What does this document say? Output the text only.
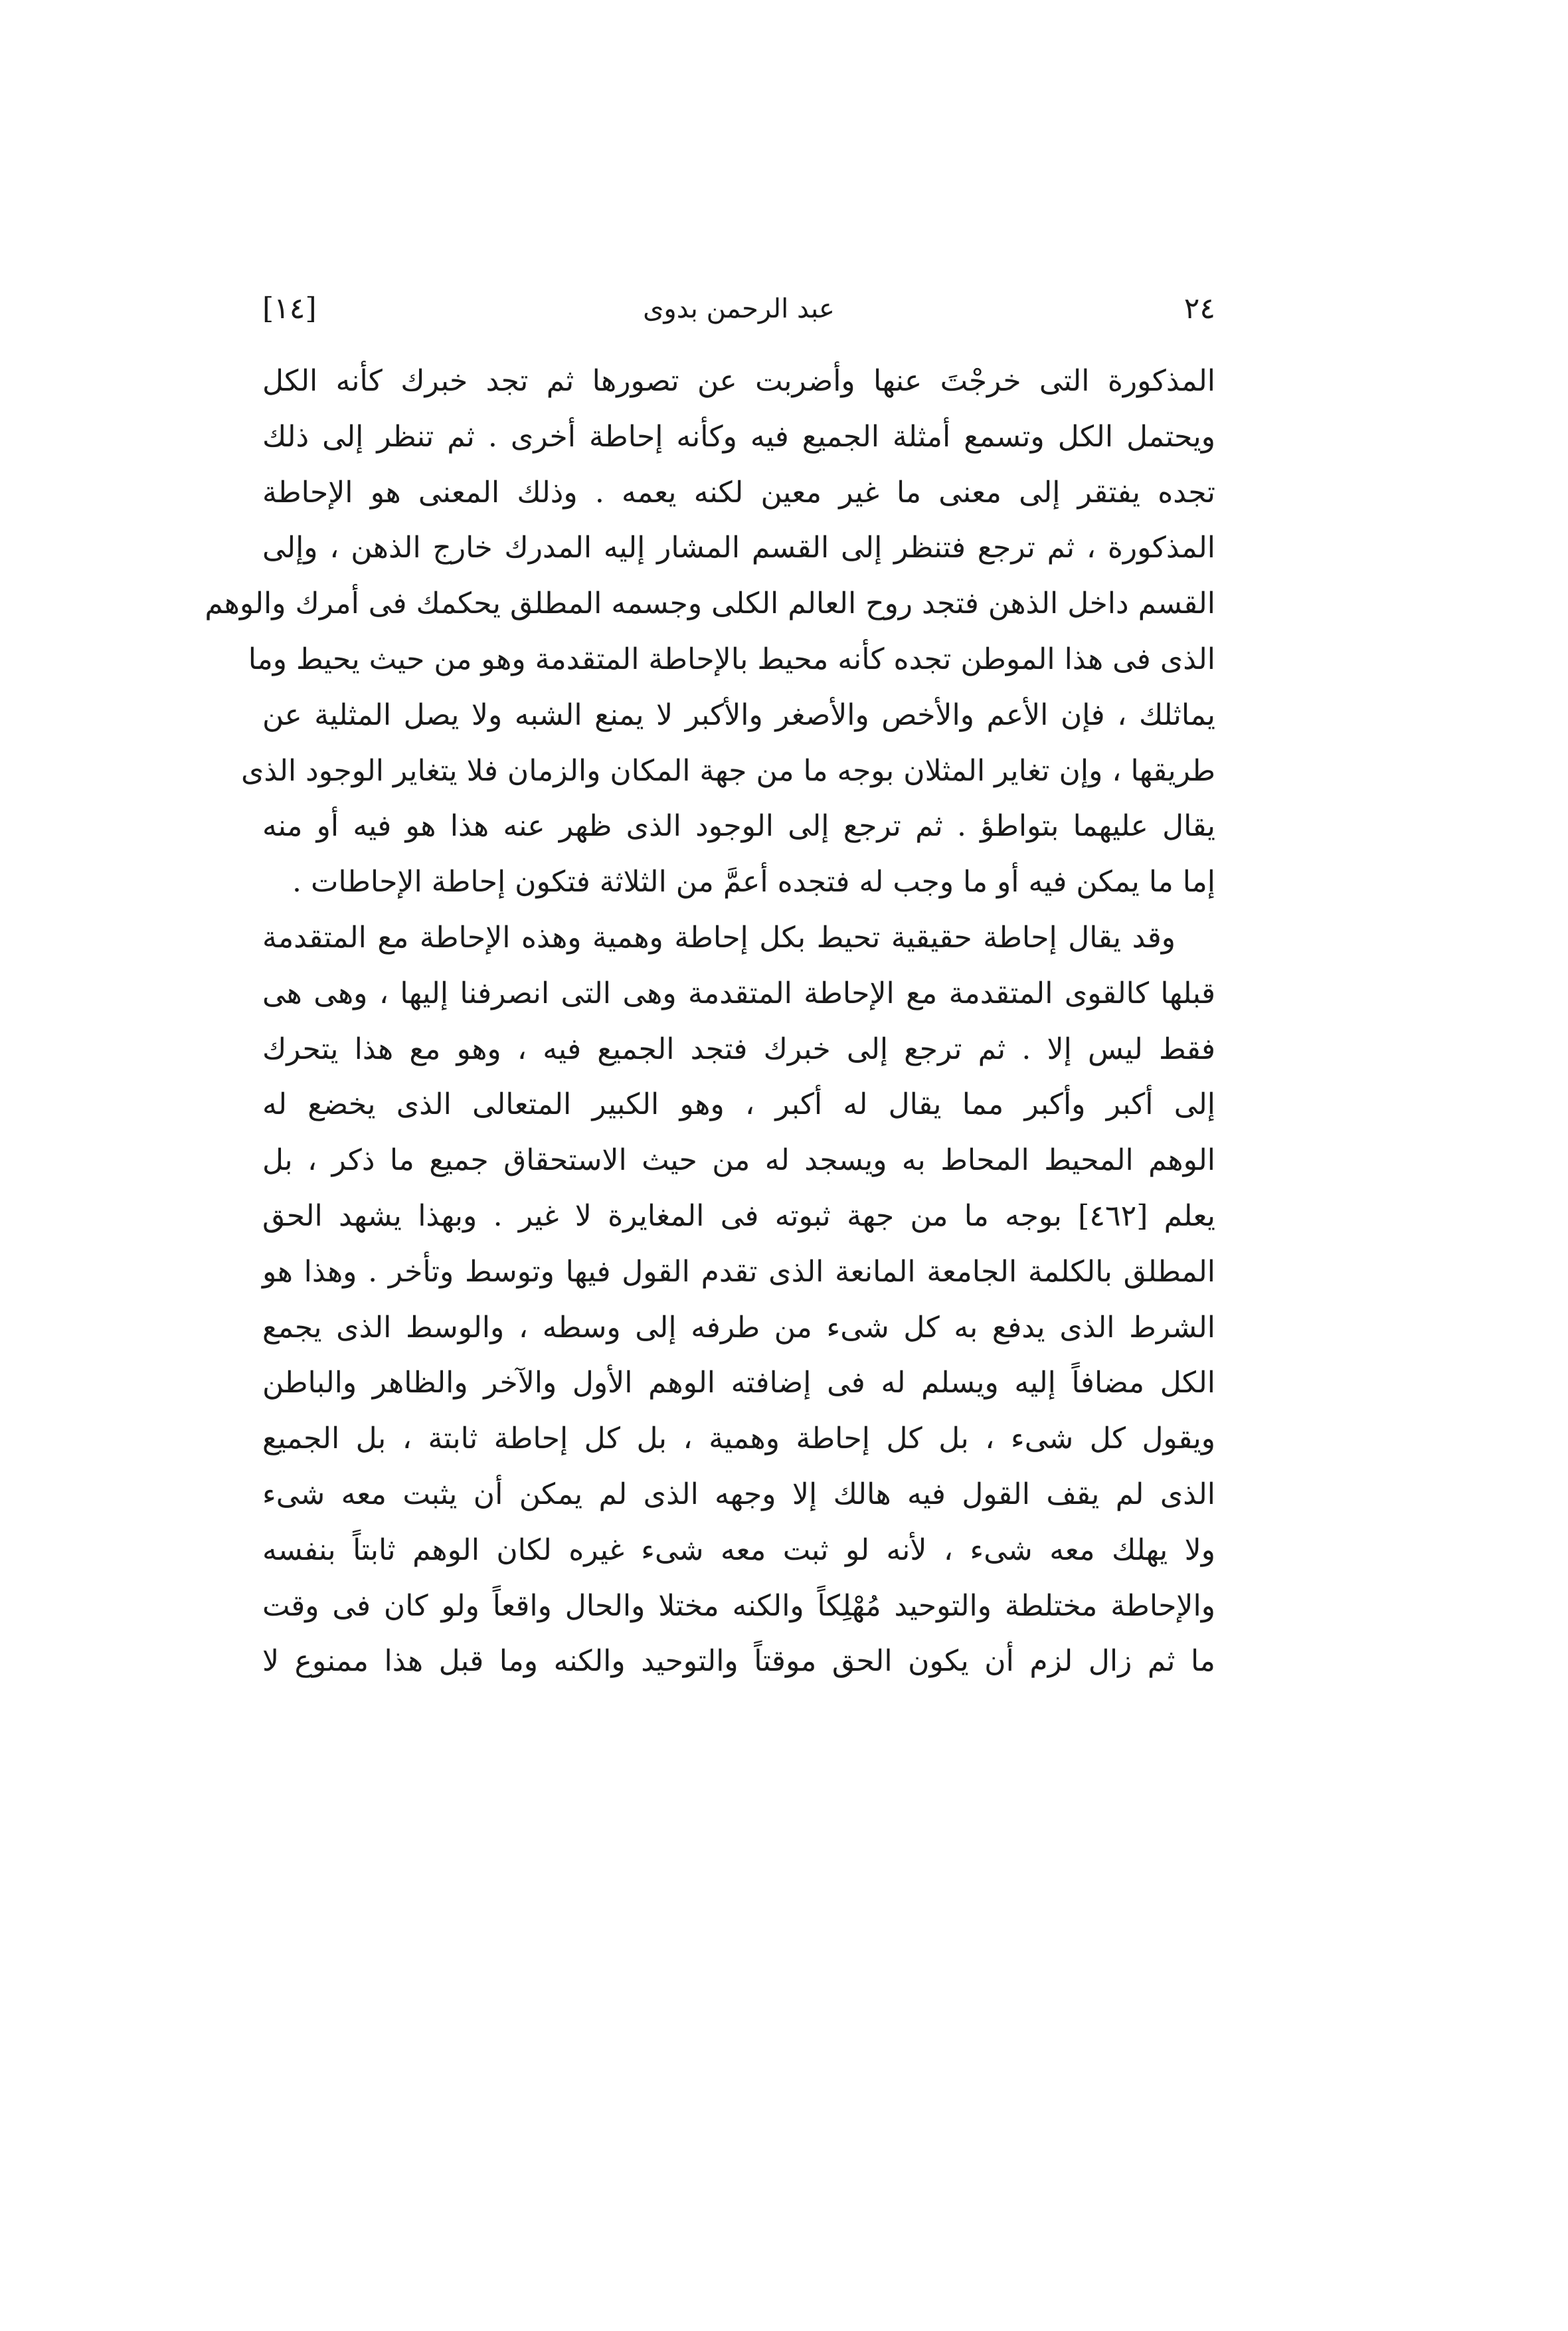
٢٤
عبد الرحمن بدوى
[١٤]
المذكورة التى خرجْتَ عنها وأضربت عن تصورها ثم تجد خبرك كأنه الكل
ويحتمل الكل وتسمع أمثلة الجميع فيه وكأنه إحاطة أخرى . ثم تنظر إلى ذلك
تجده يفتقر إلى معنى ما غير معين لكنه يعمه . وذلك المعنى هو الإحاطة
المذكورة ، ثم ترجع فتنظر إلى القسم المشار إليه المدرك خارج الذهن ، وإلى
القسم داخل الذهن فتجد روح العالم الكلى وجسمه المطلق يحكمك فى أمرك والوهم
الذى فى هذا الموطن تجده كأنه محيط بالإحاطة المتقدمة وهو من حيث يحيط وما
يماثلك ، فإن الأعم والأخص والأصغر والأكبر لا يمنع الشبه ولا يصل المثلية عن
طريقها ، وإن تغاير المثلان بوجه ما من جهة المكان والزمان فلا يتغاير الوجود الذى
يقال عليهما بتواطؤ . ثم ترجع إلى الوجود الذى ظهر عنه هذا هو فيه أو منه
إما ما يمكن فيه أو ما وجب له فتجده أعمَّ من الثلاثة فتكون إحاطة الإحاطات .
وقد يقال إحاطة حقيقية تحيط بكل إحاطة وهمية وهذه الإحاطة مع المتقدمة
قبلها كالقوى المتقدمة مع الإحاطة المتقدمة وهى التى انصرفنا إليها ، وهى هى
فقط ليس إلا . ثم ترجع إلى خبرك فتجد الجميع فيه ، وهو مع هذا يتحرك
إلى أكبر وأكبر مما يقال له أكبر ، وهو الكبير المتعالى الذى يخضع له
الوهم المحيط المحاط به ويسجد له من حيث الاستحقاق جميع ما ذكر ، بل
يعلم [٤٦٢] بوجه ما من جهة ثبوته فى المغايرة لا غير . وبهذا يشهد الحق
المطلق بالكلمة الجامعة المانعة الذى تقدم القول فيها وتوسط وتأخر . وهذا هو
الشرط الذى يدفع به كل شىء من طرفه إلى وسطه ، والوسط الذى يجمع
الكل مضافاً إليه ويسلم له فى إضافته الوهم الأول والآخر والظاهر والباطن
ويقول كل شىء ، بل كل إحاطة وهمية ، بل كل إحاطة ثابتة ، بل الجميع
الذى لم يقف القول فيه هالك إلا وجهه الذى لم يمكن أن يثبت معه شىء
ولا يهلك معه شىء ، لأنه لو ثبت معه شىء غيره لكان الوهم ثابتاً بنفسه
والإحاطة مختلطة والتوحيد مُهْلِكاً والكنه مختلا والحال واقعاً ولو كان فى وقت
ما ثم زال لزم أن يكون الحق موقتاً والتوحيد والكنه وما قبل هذا ممنوع لا
